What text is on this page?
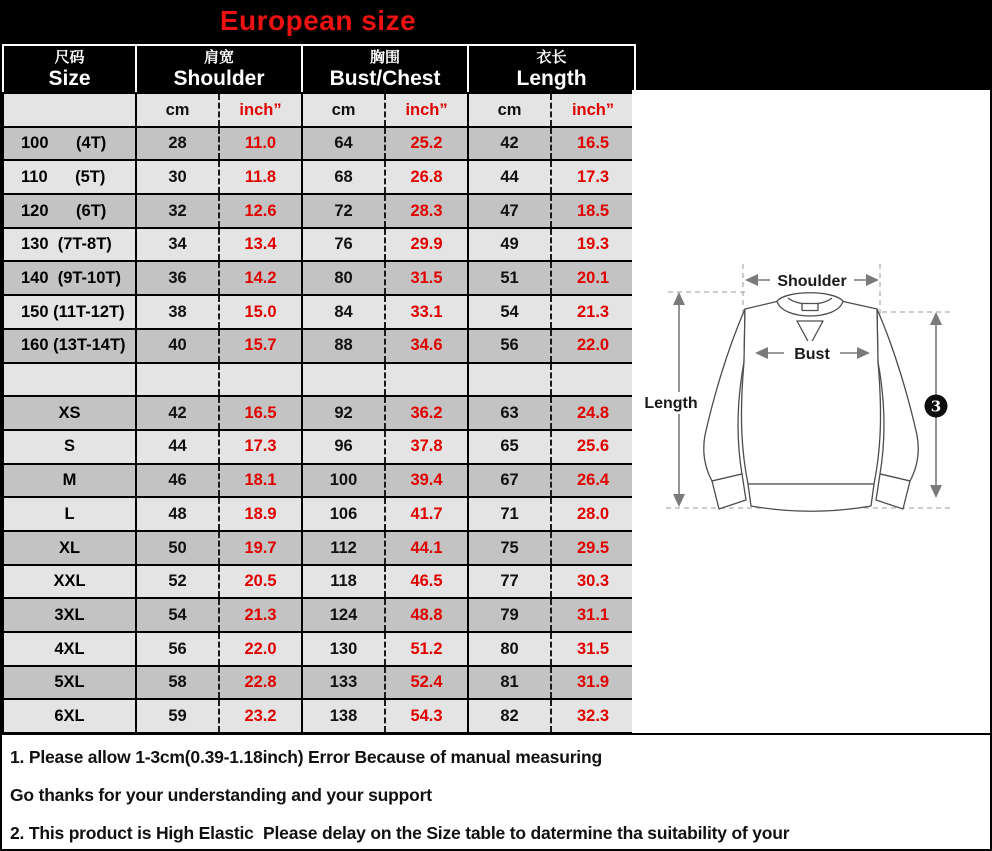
European size
尺码
Size

肩宽
Shoulder

胸围
Bust/Chest

衣长
Length

	cm	inch”	cm	inch”	cm	inch”
100      (4T)	28	11.0	64	25.2	42	16.5
110      (5T)	30	11.8	68	26.8	44	17.3
120      (6T)	32	12.6	72	28.3	47	18.5
130  (7T-8T)	34	13.4	76	29.9	49	19.3
140  (9T-10T)	36	14.2	80	31.5	51	20.1
150 (11T-12T)	38	15.0	84	33.1	54	21.3
160 (13T-14T)	40	15.7	88	34.6	56	22.0

XS	42	16.5	92	36.2	63	24.8
S	44	17.3	96	37.8	65	25.6
M	46	18.1	100	39.4	67	26.4
L	48	18.9	106	41.7	71	28.0
XL	50	19.7	112	44.1	75	29.5
XXL	52	20.5	118	46.5	77	30.3
3XL	54	21.3	124	48.8	79	31.1
4XL	56	22.0	130	51.2	80	31.5
5XL	58	22.8	133	52.4	81	31.9
6XL	59	23.2	138	54.3	82	32.3
Shoulder
Bust
Length	3
1. Please allow 1-3cm(0.39-1.18inch) Error Because of manual measuring
Go thanks for your understanding and your support
2. This product is High Elastic  Please delay on the Size table to datermine tha suitability of your
